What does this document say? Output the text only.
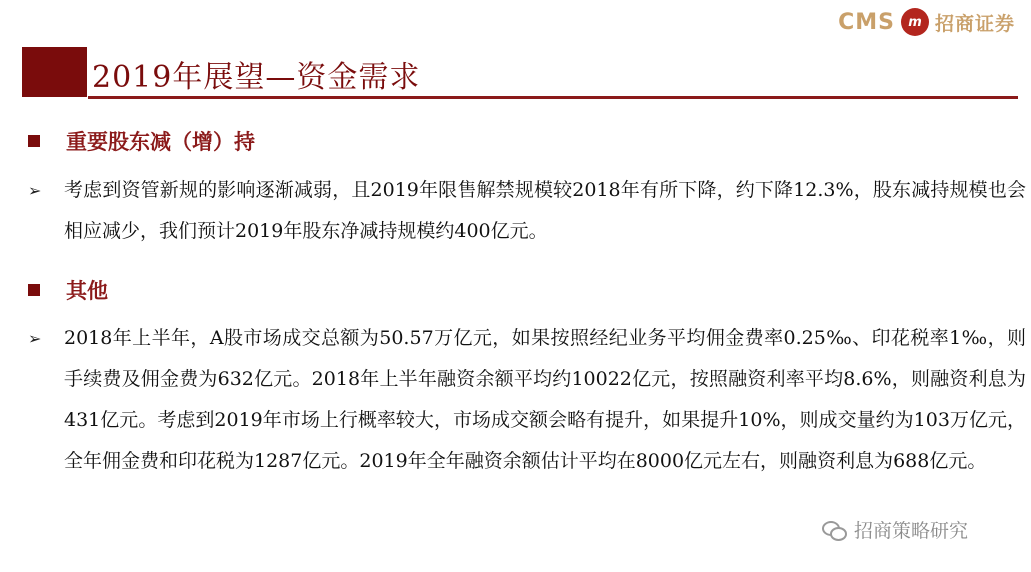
CMS	m 招商证券
2019年展望—资金需求
重要股东减（增）持
➢	考虑到资管新规的影响逐渐减弱，且2019年限售解禁规模较2018年有所下降，约下降12.3%，股东减持规模也会相应减少，我们预计2019年股东净减持规模约400亿元。
其他
➢	2018年上半年，A股市场成交总额为50.57万亿元，如果按照经纪业务平均佣金费率0.25‰、印花税率1‰，则手续费及佣金费为632亿元。2018年上半年融资余额平均约10022亿元，按照融资利率平均8.6%，则融资利息为431亿元。考虑到2019年市场上行概率较大，市场成交额会略有提升，如果提升10%，则成交量约为103万亿元，全年佣金费和印花税为1287亿元。2019年全年融资余额估计平均在8000亿元左右，则融资利息为688亿元。
招商策略研究
